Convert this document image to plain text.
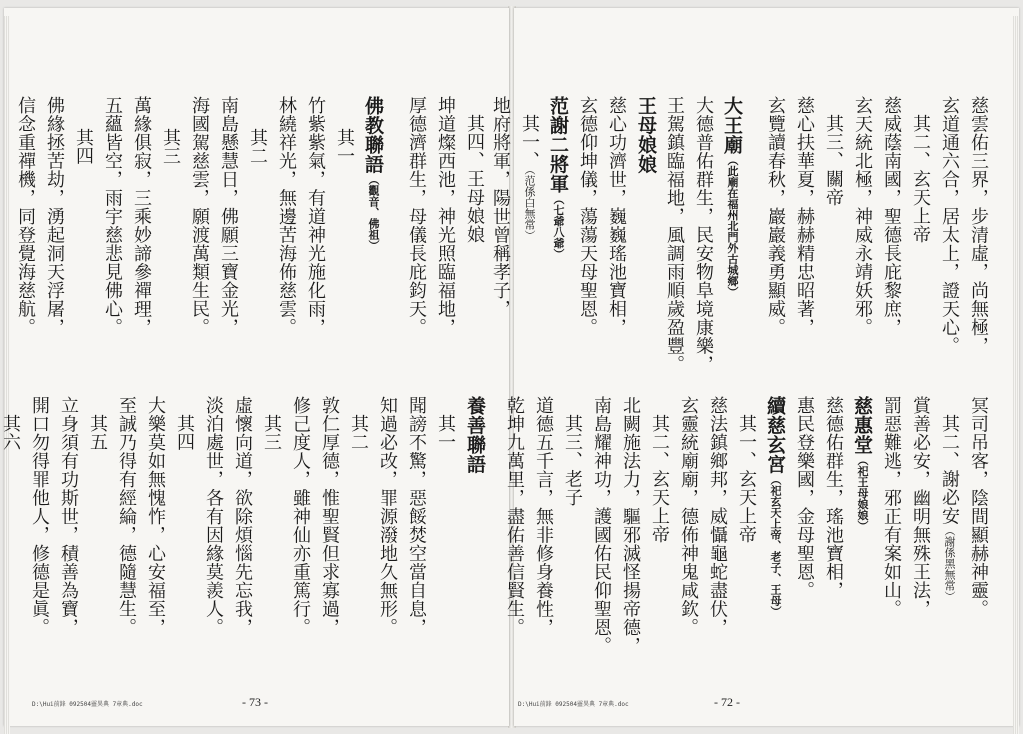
其四、王母娘娘
坤道燦西池，神光照臨福地，
厚德濟群生，母儀長庇鈞天。
佛教聯語（觀音、佛祖）
其一
竹紫紫氣，有道神光施化雨，
林繞祥光，無邊苦海佈慈雲。
其二
南島懸慧日，佛願三寶金光，
海國駕慈雲，願渡萬類生民。
其三
萬緣俱寂，三乘妙諦參禪理，
五蘊皆空，雨宇慈悲見佛心。
其四
佛緣拯苦劫，湧起洞天浮屠，
信念重禪機，同登覺海慈航。
養善聯語
其一
聞謗不驚，惡餒焚空當自息，
知過必改，罪源潑地久無形。
其二
敦仁厚德，惟聖賢但求寡過，
修己度人，雖神仙亦重篤行。
其三
虛懷向道，欲除煩惱先忘我，
淡泊處世，各有因緣莫羨人。
其四
大樂莫如無愧怍，心安福至，
至誠乃得有經綸，德隨慧生。
其五
立身須有功斯世，積善為寶，
開口勿得罪他人，修德是眞。
其六
D:\Hui前鋒 092504靈異典 7章典.doc	- 73 -
慈雲佑三界，步清虛，尚無極，
玄道通六合，居太上，證天心。
其二、玄天上帝
慈威蔭南國，聖德長庇黎庶，
玄天統北極，神威永靖妖邪。
其三、關帝
慈心扶華夏，赫赫精忠昭著，
玄覽讀春秋，巖巖義勇顯威。
大王廟（此廟在福州北門外古城鄉）
大德普佑群生，民安物阜境康樂，
王駕鎮臨福地，風調雨順歲盈豐。
王母娘娘
慈心功濟世，巍巍瑤池寶相，
玄德仰坤儀，蕩蕩天母聖恩。
范謝二將軍（七爺八爺）
其一、（范係白無常）
地府將軍，陽世曾稱孝子，
冥司吊客，陰間顯赫神靈。
其二、謝必安（謝係黑無常）
賞善必安，幽明無殊王法，
罰惡難逃，邪正有案如山。
慈惠堂（祀王母娘娘）
慈德佑群生，瑤池寶相，
惠民登樂國，金母聖恩。
續慈玄宮（祀玄天上帝、老子、王母）
其一、玄天上帝
慈法鎮鄉邦，威懾龜蛇盡伏，
玄靈統廟廟，德佈神鬼咸欽。
其二、玄天上帝
北闕施法力，驅邪滅怪揚帝德，
南島耀神功，護國佑民仰聖恩。
其三、老子
道德五千言，無非修身養性，
乾坤九萬里，盡佑善信賢生。
D:\Hui前鋒 092504靈異典 7章典.doc	- 72 -
